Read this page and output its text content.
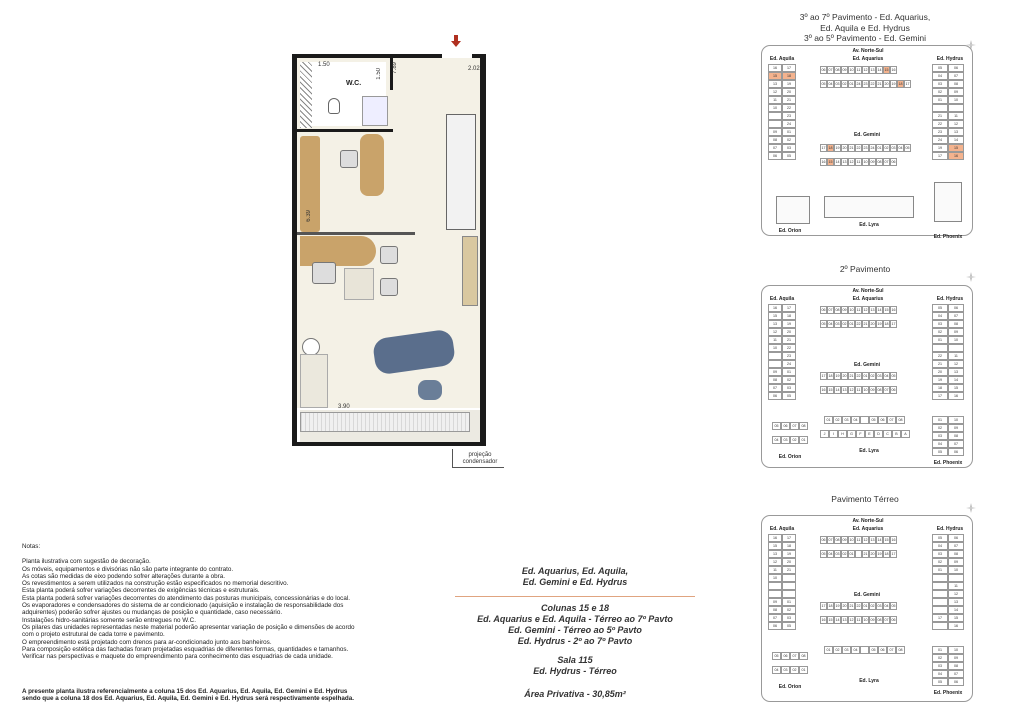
W.C.
1.50
1.50
7.89	2.02
6.39
3.90
projeção condensador
Notas:
Planta ilustrativa com sugestão de decoração.
Os móveis, equipamentos e divisórias não são parte integrante do contrato.
As cotas são medidas de eixo podendo sofrer alterações durante a obra.
Os revestimentos a serem utilizados na construção estão especificados no memorial descritivo.
Esta planta poderá sofrer variações decorrentes de exigências técnicas e estruturais.
Esta planta poderá sofrer variações decorrentes do atendimento das posturas municipais, concessionárias e do local.
Os evaporadores e condensadores do sistema de ar condicionado (aquisição e instalação de responsabilidade dos
adquirentes) poderão sofrer ajustes ou mudanças de posição e quantidade, caso necessário.
Instalações hidro-sanitárias somente serão entregues no W.C.
Os pilares das unidades representadas neste material poderão apresentar variação de posição e dimensões de acordo
com o projeto estrutural de cada torre e pavimento.
O empreendimento está projetado com drenos para ar-condicionado junto aos banheiros.
Para composição estética das fachadas foram projetadas esquadrias de diferentes formas, quantidades e tamanhos.
Verificar nas perspectivas e maquete do empreendimento para conhecimento das esquadrias de cada unidade.
A presente planta ilustra referencialmente a coluna 15 dos Ed. Aquarius, Ed. Aquila, Ed. Gemini e Ed. Hydrus
sendo que a coluna 18 dos Ed. Aquarius, Ed. Aquila, Ed. Gemini e Ed. Hydrus será respectivamente espelhada.
Ed. Aquarius, Ed. Aquila,
Ed. Gemini e Ed. Hydrus
Colunas 15 e 18
Ed. Aquarius e Ed. Aquila - Térreo ao 7º Pavto
Ed. Gemini - Térreo ao 5º Pavto
Ed. Hydrus - 2º ao 7º Pavto
Sala 115
Ed. Hydrus - Térreo
Área Privativa - 30,85m²
3º ao 7º Pavimento - Ed. Aquarius,
Ed. Aquila e Ed. Hydrus
3º ao 5º Pavimento - Ed. Gemini
2º Pavimento
Pavimento Térreo
Av. Norte-Sul
Ed. Aquila
16	17
15	18
13	19
12	20
11	21
10	22
23
24
09	01
08	02
07	03
06	05
Ed. Aquarius
06 07 08 09 10 11 12 13 14 15 16
05 04 03 02 01 24 23 22 21 20 19 18 17
Ed. Hydrus
05	06
04	07
03	08
02	09
01	10
21	11
22	12
23	13
24	14
19	15
17	16
Ed. Gemini
17 18 19 20 21 22 23 24 01 02 03 04 05
16 15 14 13 12 11 10 09 08 07 06
Ed. Orion
Ed. Lyra
Ed. Phoenix
Av. Norte-Sul
Ed. Aquila
16	17
15	18
13	19
12	20
11	21
10	22
23
24
09	01
08	02
07	03
06	05
Ed. Aquarius
06 07 08 09 10 11 12 13 14 15 16
05 04 03 02 01 22 21 20 19 18 17
Ed. Hydrus
05	06
04	07
03	08
02	09
01	10
22	11
21	12
20	13
19	14
18	15
17	16
Ed. Gemini
17 18 19 20 21 22 01 02 03 04 05
16 15 14 13 12 11 10 09 08 07 06
05	06	07	08
04	03	02	01
Ed. Orion
01	02	03	04	05	06	07	08
J	I	H	G	F	E	D	C	B	A
Ed. Lyra
01	10
02	09
03	08
04	07
05	06
Ed. Phoenix
Av. Norte-Sul
Ed. Aquila
16	17
15	18
13	19
12	20
11	21
10
09	01
08	02
07	03
06	05
Ed. Aquarius
06 07 08 09 10 11 12 13 14 15 16
05 04 03 02 01	21 20 19 18 17
Ed. Hydrus
05	06
04	07
03	08
02	09
01	10
11
12
13
14
17	15
16
Ed. Gemini
17 18 19 20 21 22 01 02 03 04 05
16 15 14 13 12 11 10 09 08 07 06
05	06	07	08
04	03	02	01
Ed. Orion
01	02	03	04	05	06	07	08
Ed. Lyra
01	10
02	09
03	08
04	07
05	06
Ed. Phoenix
